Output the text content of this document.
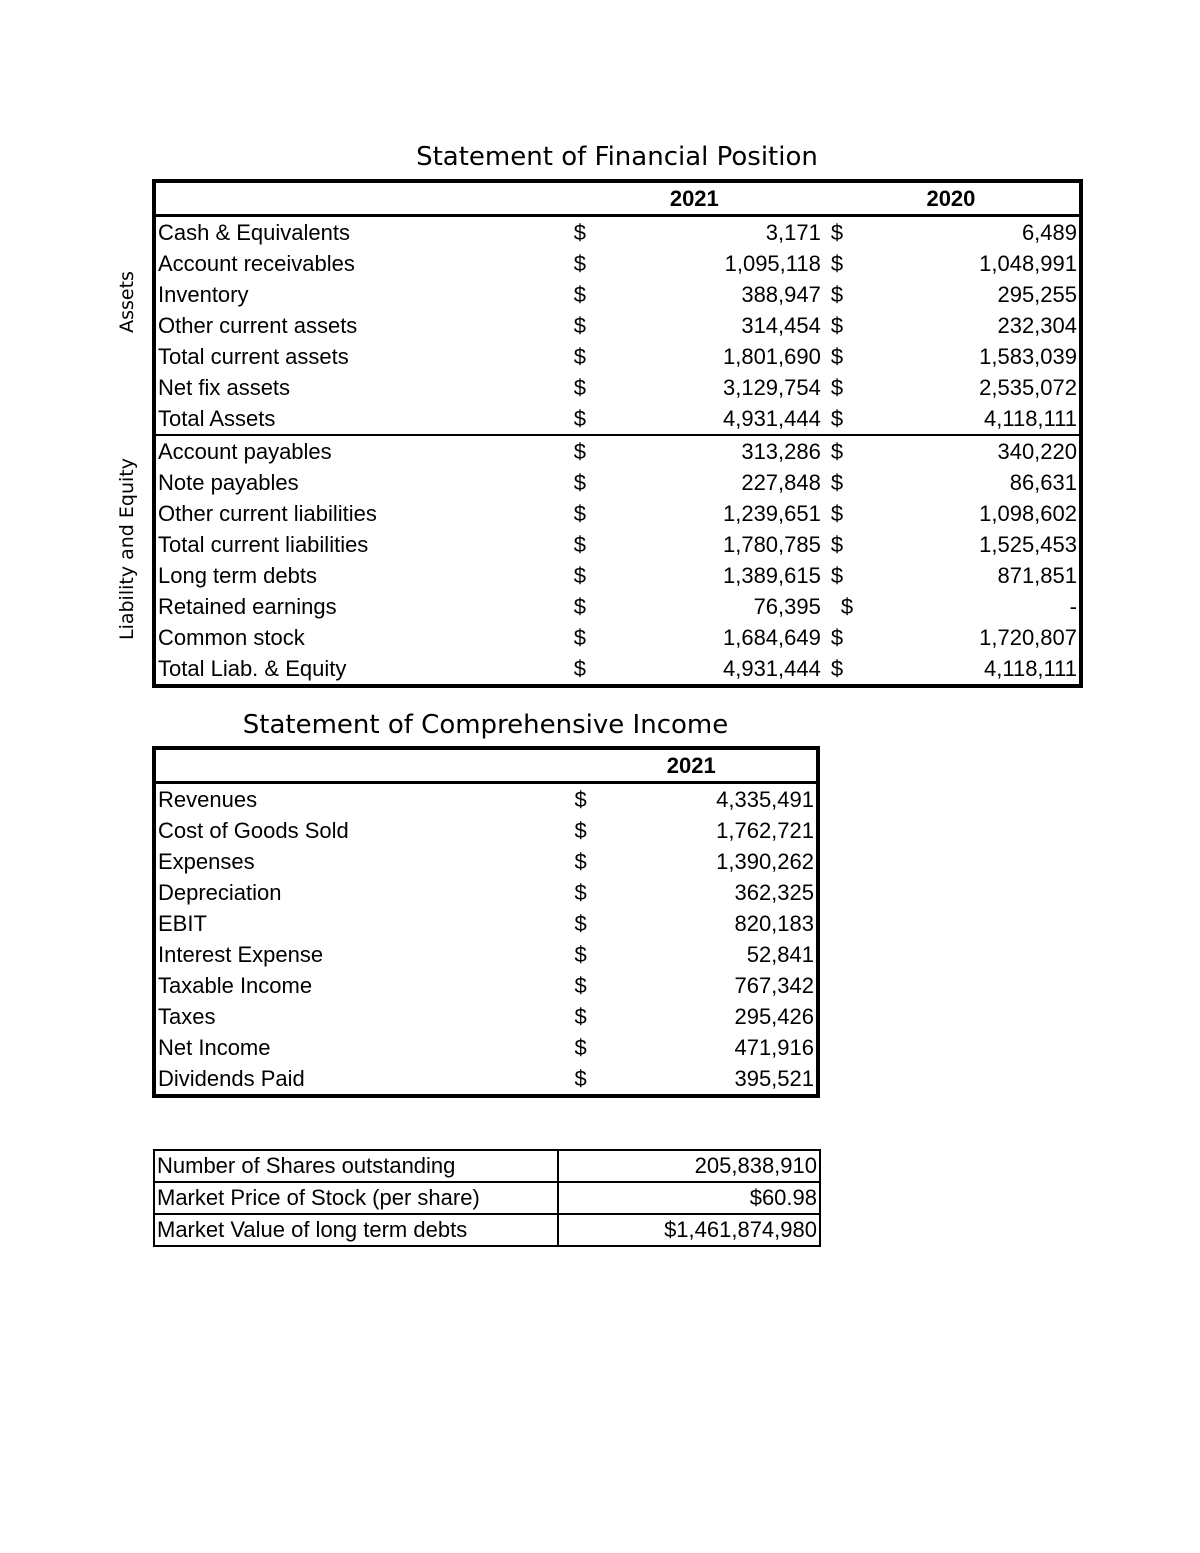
Statement of Financial Position
Assets
Liability and Equity
	2021		2020	
Cash & Equivalents	$	3,171	$	6,489
Account receivables	$	1,095,118	$	1,048,991
Inventory	$	388,947	$	295,255
Other current assets	$	314,454	$	232,304
Total current assets	$	1,801,690	$	1,583,039
Net fix assets	$	3,129,754	$	2,535,072
Total Assets	$	4,931,444	$	4,118,111
Account payables	$	313,286	$	340,220
Note payables	$	227,848	$	86,631
Other current liabilities	$	1,239,651	$	1,098,602
Total current liabilities	$	1,780,785	$	1,525,453
Long term debts	$	1,389,615	$	871,851
Retained earnings	$	76,395	$	-
Common stock	$	1,684,649	$	1,720,807
Total Liab. & Equity	$	4,931,444	$	4,118,111
Statement of Comprehensive Income
	2021	
Revenues	$	4,335,491
Cost of Goods Sold	$	1,762,721
Expenses	$	1,390,262
Depreciation	$	362,325
EBIT	$	820,183
Interest Expense	$	52,841
Taxable Income	$	767,342
Taxes	$	295,426
Net Income	$	471,916
Dividends Paid	$	395,521
Number of Shares outstanding	205,838,910
Market Price of Stock (per share)	$60.98
Market Value of long term debts	$1,461,874,980
